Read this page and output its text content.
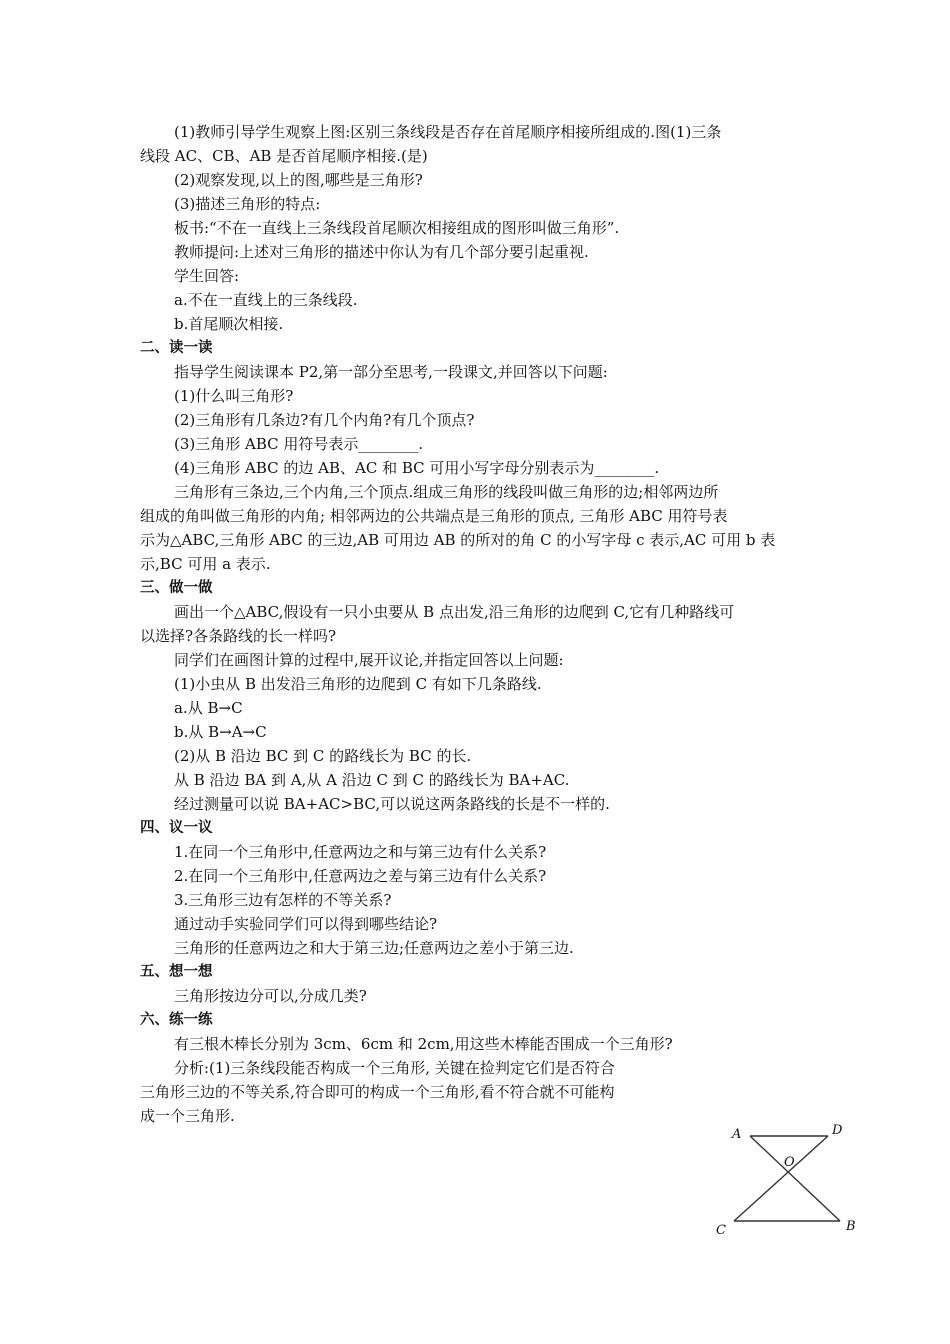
(1)教师引导学生观察上图:区别三条线段是否存在首尾顺序相接所组成的.图(1)三条
线段 AC、CB、AB 是否首尾顺序相接.(是)
(2)观察发现,以上的图,哪些是三角形?
(3)描述三角形的特点:
板书:“不在一直线上三条线段首尾顺次相接组成的图形叫做三角形”.
教师提问:上述对三角形的描述中你认为有几个部分要引起重视.
学生回答:
a.不在一直线上的三条线段.
b.首尾顺次相接.
二、读一读
指导学生阅读课本 P2,第一部分至思考,一段课文,并回答以下问题:
(1)什么叫三角形?
(2)三角形有几条边?有几个内角?有几个顶点?
(3)三角形 ABC 用符号表示________.
(4)三角形 ABC 的边 AB、AC 和 BC 可用小写字母分别表示为________.
三角形有三条边,三个内角,三个顶点.组成三角形的线段叫做三角形的边;相邻两边所
组成的角叫做三角形的内角; 相邻两边的公共端点是三角形的顶点, 三角形 ABC 用符号表
示为△ABC,三角形 ABC 的三边,AB 可用边 AB 的所对的角 C 的小写字母 c 表示,AC 可用 b 表
示,BC 可用 a 表示.
三、做一做
画出一个△ABC,假设有一只小虫要从 B 点出发,沿三角形的边爬到 C,它有几种路线可
以选择?各条路线的长一样吗?
同学们在画图计算的过程中,展开议论,并指定回答以上问题:
(1)小虫从 B 出发沿三角形的边爬到 C 有如下几条路线.
a.从 B→C
b.从 B→A→C
(2)从 B 沿边 BC 到 C 的路线长为 BC 的长.
从 B 沿边 BA 到 A,从 A 沿边 C 到 C 的路线长为 BA+AC.
经过测量可以说 BA+AC>BC,可以说这两条路线的长是不一样的.
四、议一议
1.在同一个三角形中,任意两边之和与第三边有什么关系?
2.在同一个三角形中,任意两边之差与第三边有什么关系?
3.三角形三边有怎样的不等关系?
通过动手实验同学们可以得到哪些结论?
三角形的任意两边之和大于第三边;任意两边之差小于第三边.
五、想一想
三角形按边分可以,分成几类?
六、练一练
有三根木棒长分别为 3cm、6cm 和 2cm,用这些木棒能否围成一个三角形?
分析:(1)三条线段能否构成一个三角形, 关键在捡判定它们是否符合
三角形三边的不等关系,符合即可的构成一个三角形,看不符合就不可能构
成一个三角形.
A	D
O
C	B
